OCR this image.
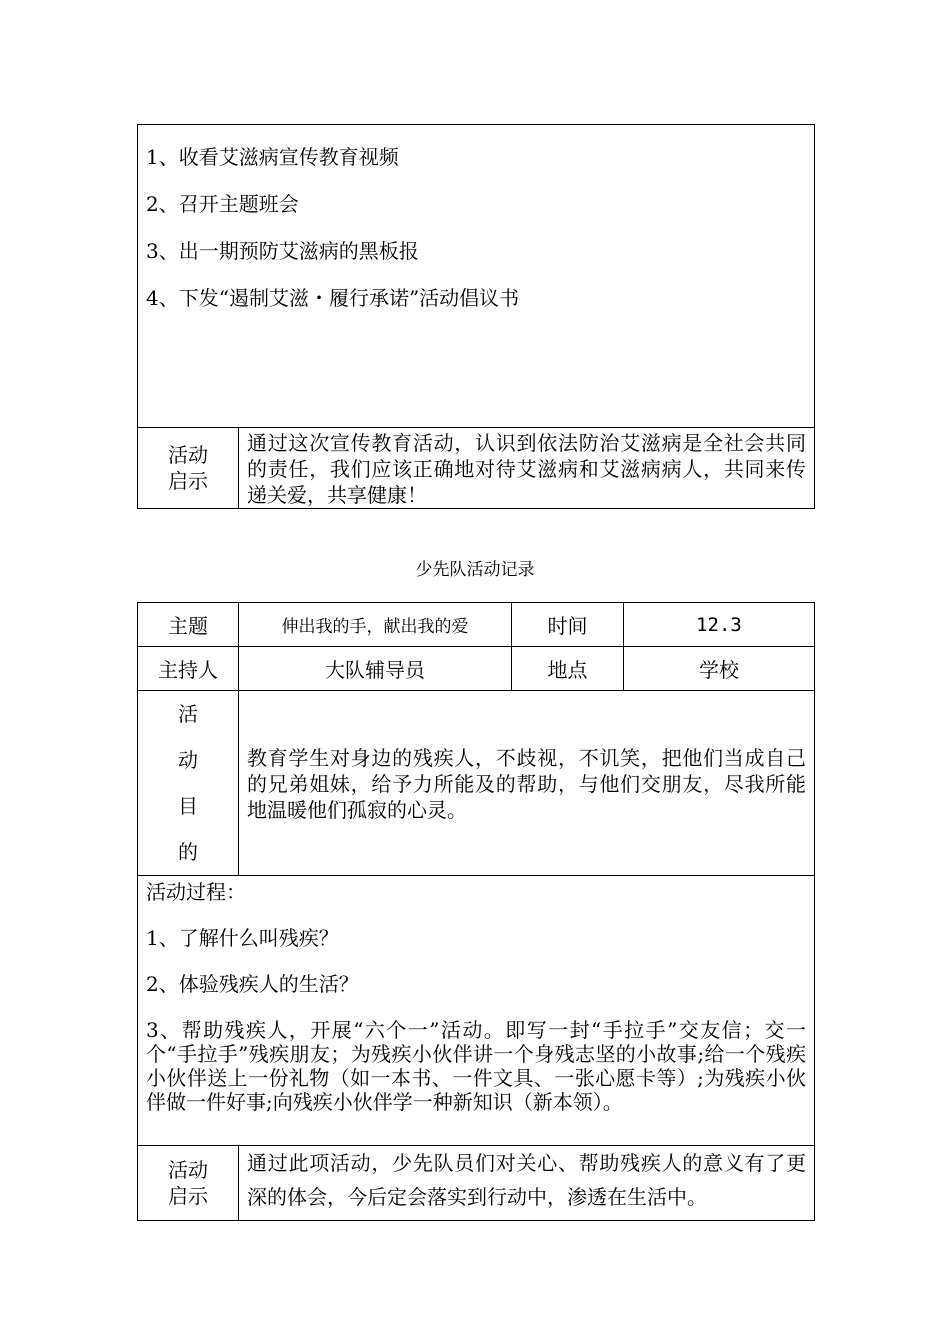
1、收看艾滋病宣传教育视频

2、召开主题班会

3、出一期预防艾滋病的黑板报

4、下发“遏制艾滋・履行承诺”活动倡议书

活动
启示
	通过这次宣传教育活动，认识到依法防治艾滋病是全社会共同的责任，我们应该正确地对待艾滋病和艾滋病病人，共同来传递关爱，共享健康！
少先队活动记录
主题	伸出我的手，献出我的爱	时间	12.3
主持人	大队辅导员	地点	学校

活
动
目
的	教育学生对身边的残疾人，不歧视，不讥笑，把他们当成自己的兄弟姐妹，给予力所能及的帮助，与他们交朋友，尽我所能地温暖他们孤寂的心灵。		

活动过程：

1、了解什么叫残疾？

2、体验残疾人的生活？

3、帮助残疾人，开展“六个一”活动。即写一封“手拉手”交友信；交一个“手拉手”残疾朋友；为残疾小伙伴讲一个身残志坚的小故事;给一个残疾小伙伴送上一份礼物（如一本书、一件文具、一张心愿卡等）;为残疾小伙伴做一件好事;向残疾小伙伴学一种新知识（新本领）。			

活动
启示	通过此项活动，少先队员们对关心、帮助残疾人的意义有了更深的体会，今后定会落实到行动中，渗透在生活中。		
